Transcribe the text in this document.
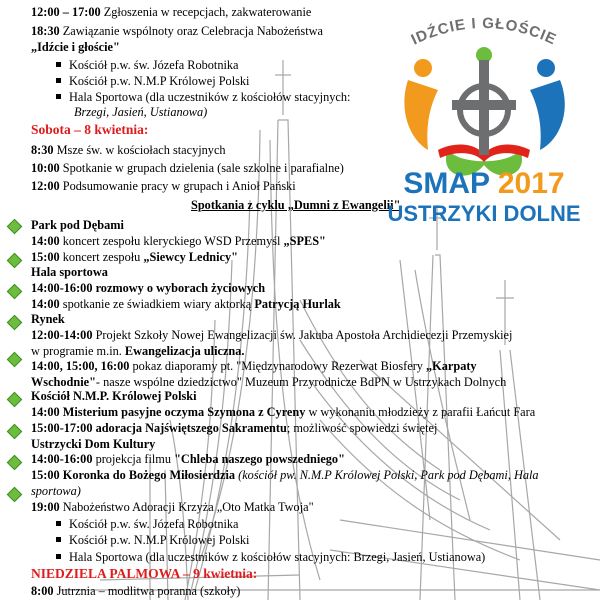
IDŹCIE I GŁOŚCIE
SMAP 2017
USTRZYKI DOLNE
12:00 – 17:00 Zgłoszenia w recepcjach, zakwaterowanie
18:30 Zawiązanie wspólnoty oraz Celebracja Nabożeństwa
„Idźcie i głoście"
Kościół p.w. św. Józefa Robotnika
Kościół p.w. N.M.P Królowej Polski
Hala Sportowa (dla uczestników z kościołów stacyjnych:
Brzegi, Jasień, Ustianowa)
Sobota – 8 kwietnia:
8:30 Msze św. w kościołach stacyjnych
10:00 Spotkanie w grupach dzielenia (sale szkolne i parafialne)
12:00 Podsumowanie pracy w grupach i Anioł Pański
Spotkania z cyklu „Dumni z Ewangelii"
Park pod Dębami
14:00 koncert zespołu kleryckiego WSD Przemyśl „SPES"
15:00 koncert zespołu „Siewcy Lednicy"
Hala sportowa
14:00-16:00 rozmowy o wyborach życiowych
14:00 spotkanie ze świadkiem wiary aktorką Patrycją Hurlak
Rynek
12:00-14:00 Projekt Szkoły Nowej Ewangelizacji św. Jakuba Apostoła Archidiecezji Przemyskiej
w programie m.in. Ewangelizacja uliczna.
14:00, 15:00, 16:00 pokaz diaporamy pt. "Międzynarodowy Rezerwat Biosfery „Karpaty
Wschodnie"- nasze wspólne dziedzictwo" Muzeum Przyrodnicze BdPN w Ustrzykach Dolnych
Kościół N.M.P. Królowej Polski
14:00 Misterium pasyjne oczyma Szymona z Cyreny w wykonaniu młodzieży z parafii Łańcut Fara
15:00-17:00 adoracja Najświętszego Sakramentu; możliwość spowiedzi świętej
Ustrzycki Dom Kultury
14:00-16:00 projekcja filmu "Chleba naszego powszedniego"
15:00 Koronka do Bożego Miłosierdzia (kościół pw. N.M.P Królowej Polski, Park pod Dębami, Hala
sportowa)
19:00 Nabożeństwo Adoracji Krzyża „Oto Matka Twoja"
Kościół p.w. św. Józefa Robotnika
Kościół p.w. N.M.P Królowej Polski
Hala Sportowa (dla uczestników z kościołów stacyjnych: Brzegi, Jasień, Ustianowa)
NIEDZIELA PALMOWA – 9 kwietnia:
8:00 Jutrznia – modlitwa poranna (szkoły)
